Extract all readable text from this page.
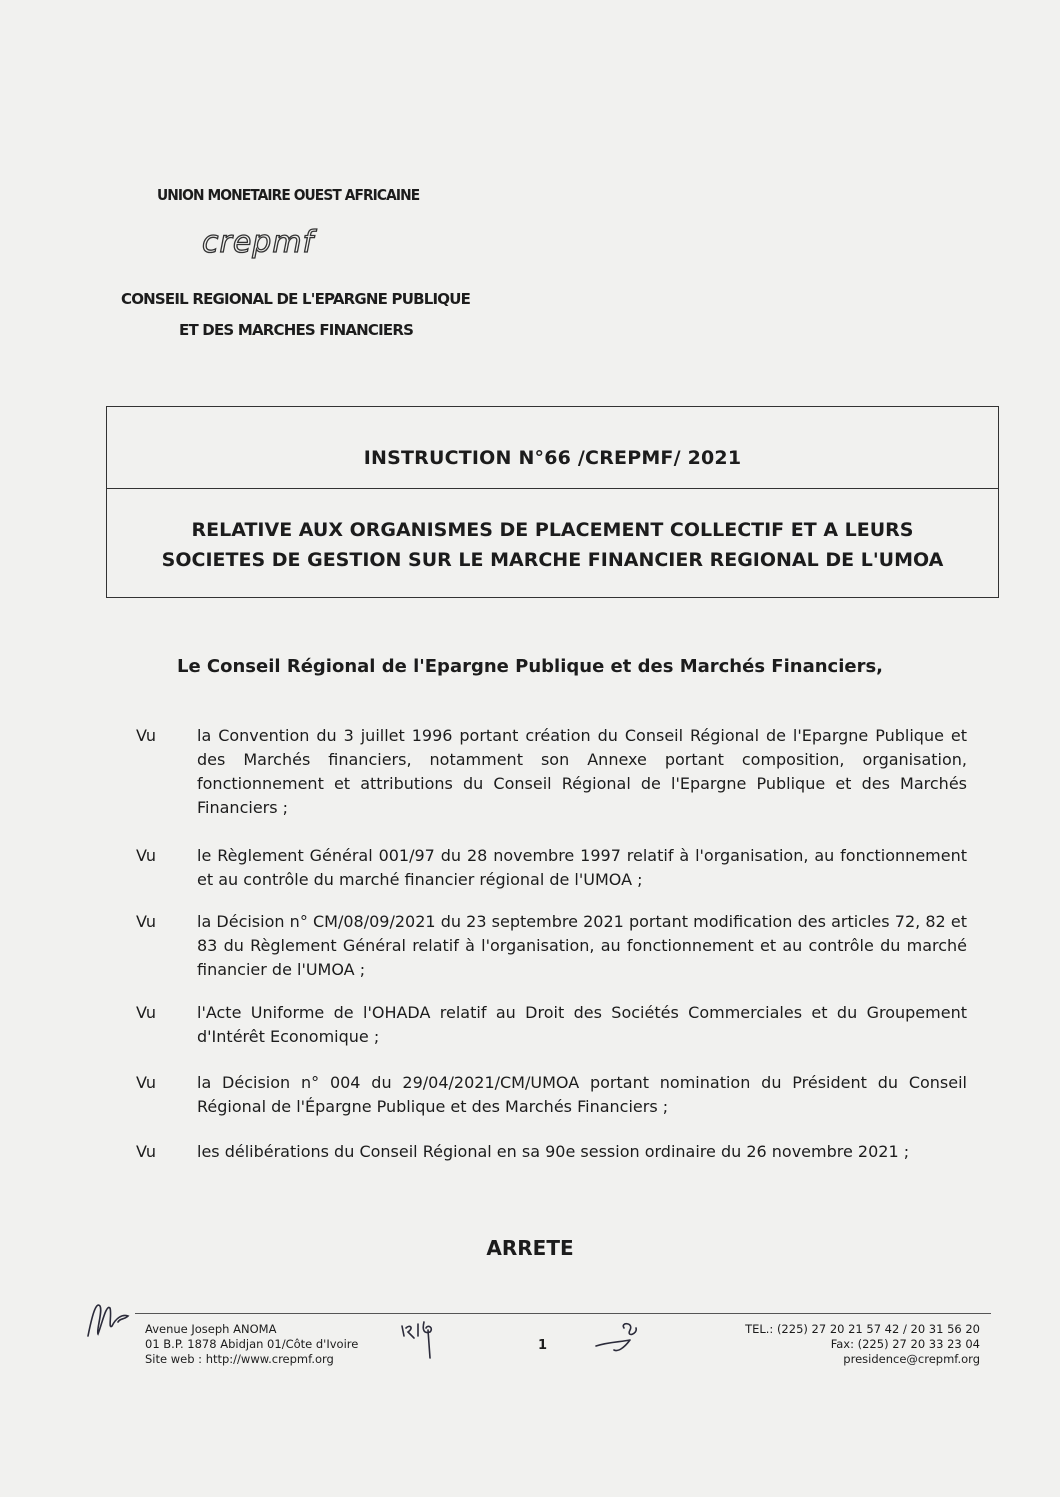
UNION MONETAIRE OUEST AFRICAINE
crepmf
CONSEIL REGIONAL DE L'EPARGNE PUBLIQUE
ET DES MARCHES FINANCIERS
INSTRUCTION N°66 /CREPMF/ 2021
RELATIVE AUX ORGANISMES DE PLACEMENT COLLECTIF ET A LEURS
SOCIETES DE GESTION SUR LE MARCHE FINANCIER REGIONAL DE L'UMOA
Le Conseil Régional de l'Epargne Publique et des Marchés Financiers,
Vu	la Convention du 3 juillet 1996 portant création du Conseil Régional de l'Epargne Publique et des Marchés financiers, notamment son Annexe portant composition, organisation, fonctionnement et attributions du Conseil Régional de l'Epargne Publique et des Marchés Financiers ;
Vu	le Règlement Général 001/97 du 28 novembre 1997 relatif à l'organisation, au fonctionnement et au contrôle du marché financier régional de l'UMOA ;
Vu	la Décision n° CM/08/09/2021 du 23 septembre 2021 portant modification des articles 72, 82 et 83 du Règlement Général relatif à l'organisation, au fonctionnement et au contrôle du marché financier de l'UMOA ;
Vu	l'Acte Uniforme de l'OHADA relatif au Droit des Sociétés Commerciales et du Groupement d'Intérêt Economique ;
Vu	la Décision n° 004 du 29/04/2021/CM/UMOA portant nomination du Président du Conseil Régional de l'Épargne Publique et des Marchés Financiers ;
Vu	les délibérations du Conseil Régional en sa 90e session ordinaire du 26 novembre 2021 ;
ARRETE
Avenue Joseph ANOMA
01 B.P. 1878 Abidjan 01/Côte d'Ivoire
Site web : http://www.crepmf.org
1
TEL.: (225) 27 20 21 57 42 / 20 31 56 20
Fax: (225) 27 20 33 23 04
presidence@crepmf.org
